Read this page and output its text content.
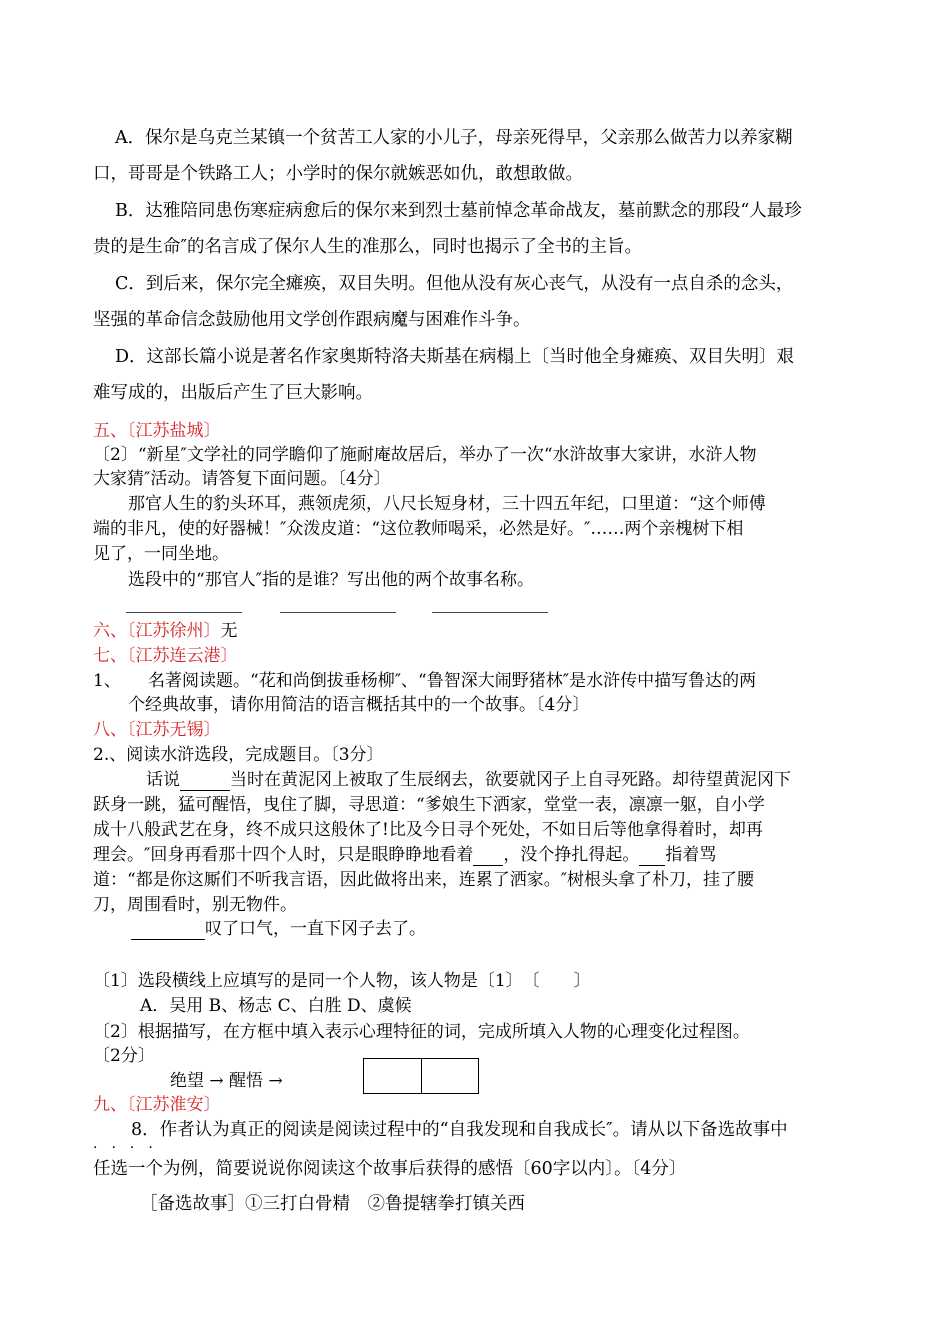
A．保尔是乌克兰某镇一个贫苦工人家的小儿子，母亲死得早，父亲那么做苦力以养家糊
口，哥哥是个铁路工人；小学时的保尔就嫉恶如仇，敢想敢做。
B．达雅陪同患伤寒症病愈后的保尔来到烈士墓前悼念革命战友，墓前默念的那段“人最珍
贵的是生命″的名言成了保尔人生的准那么，同时也揭示了全书的主旨。
C．到后来，保尔完全瘫痪，双目失明。但他从没有灰心丧气，从没有一点自杀的念头，
坚强的革命信念鼓励他用文学创作跟病魔与困难作斗争。
D．这部长篇小说是著名作家奥斯特洛夫斯基在病榻上〔当时他全身瘫痪、双目失明〕艰
难写成的，出版后产生了巨大影响。
五、〔江苏盐城〕
〔2〕“新星″文学社的同学瞻仰了施耐庵故居后，举办了一次“水浒故事大家讲，水浒人物
大家猜″活动。请答复下面问题。〔4分〕
那官人生的豹头环耳，燕领虎须，八尺长短身材，三十四五年纪，口里道：“这个师傅
端的非凡，使的好器械！″众泼皮道：“这位教师喝采，必然是好。″……两个亲槐树下相
见了，一同坐地。
选段中的“那官人″指的是谁？写出他的两个故事名称。
六、〔江苏徐州〕无
七、〔江苏连云港〕
1、 名著阅读题。“花和尚倒拔垂杨柳″、“鲁智深大闹野猪林″是水浒传中描写鲁达的两
个经典故事，请你用简洁的语言概括其中的一个故事。〔4分〕
八、〔江苏无锡〕
2.、阅读水浒选段，完成题目。〔3分〕
话说	当时在黄泥冈上被取了生辰纲去，欲要就冈子上自寻死路。却待望黄泥冈下
跃身一跳，猛可醒悟，曳住了脚，寻思道：“爹娘生下洒家，堂堂一表，凛凛一躯，自小学
成十八般武艺在身，终不成只这般休了!比及今日寻个死处，不如日后等他拿得着时，却再
理会。″回身再看那十四个人时，只是眼睁睁地看着 ，没个挣扎得起。 指着骂
道：“都是你这厮们不听我言语，因此做将出来，连累了洒家。″树根头拿了朴刀，挂了腰
刀，周围看时，别无物件。
叹了口气，一直下冈子去了。
〔1〕选段横线上应填写的是同一个人物，该人物是〔1〕　〔　　〕
A．吴用 B、杨志 C、白胜 D、虞候
〔2〕根据描写，在方框中填入表示心理特征的词，完成所填入人物的心理变化过程图。
〔2分〕
绝望 → 醒悟 →
九、〔江苏淮安〕
8．作者认为真正的阅读是阅读过程中的“自我发现和自我成长″。请从以下备选故事中
····
任选一个为例，简要说说你阅读这个故事后获得的感悟〔60字以内〕。〔4分〕
［备选故事］①三打白骨精　②鲁提辖拳打镇关西
